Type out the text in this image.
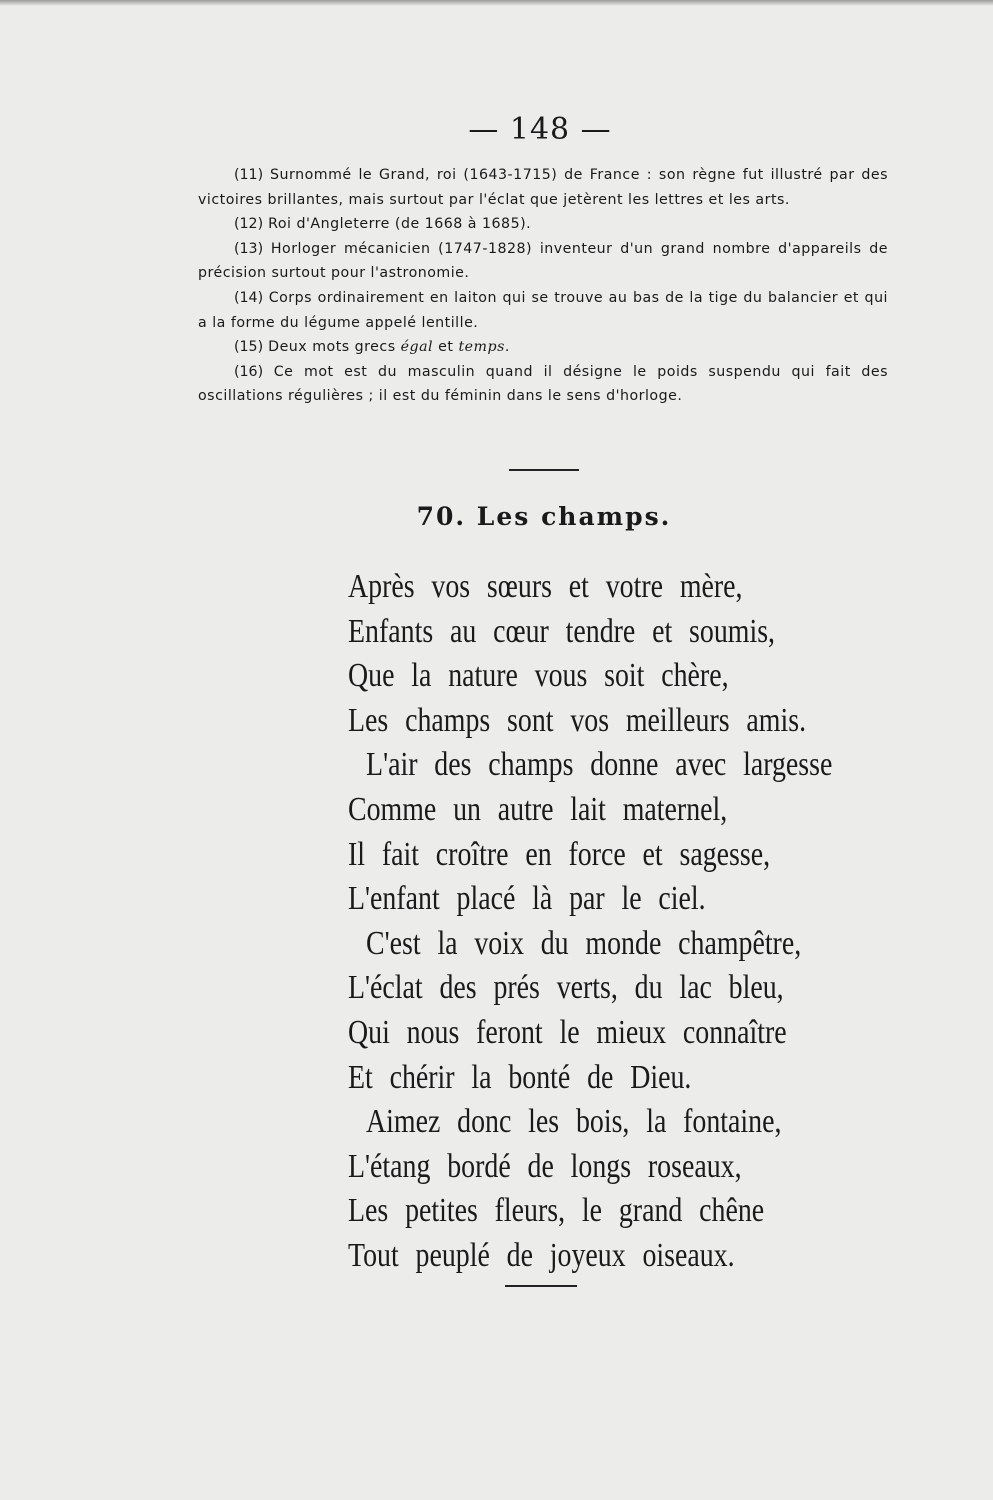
— 148 —

(11) Surnommé le Grand, roi (1643-1715) de France : son règne fut illustré par des victoires brillantes, mais surtout par l'éclat que jetèrent les lettres et les arts.

(12) Roi d'Angleterre (de 1668 à 1685).

(13) Horloger mécanicien (1747-1828) inventeur d'un grand nombre d'appareils de précision surtout pour l'astronomie.

(14) Corps ordinairement en laiton qui se trouve au bas de la tige du balancier et qui a la forme du légume appelé lentille.

(15) Deux mots grecs égal et temps.

(16) Ce mot est du masculin quand il désigne le poids suspendu qui fait des oscillations régulières ; il est du féminin dans le sens d'horloge.

70. Les champs.

Après vos sœurs et votre mère,

Enfants au cœur tendre et soumis,

Que la nature vous soit chère,

Les champs sont vos meilleurs amis.

L'air des champs donne avec largesse

Comme un autre lait maternel,

Il fait croître en force et sagesse,

L'enfant placé là par le ciel.

C'est la voix du monde champêtre,

L'éclat des prés verts, du lac bleu,

Qui nous feront le mieux connaître

Et chérir la bonté de Dieu.

Aimez donc les bois, la fontaine,

L'étang bordé de longs roseaux,

Les petites fleurs, le grand chêne

Tout peuplé de joyeux oiseaux.
